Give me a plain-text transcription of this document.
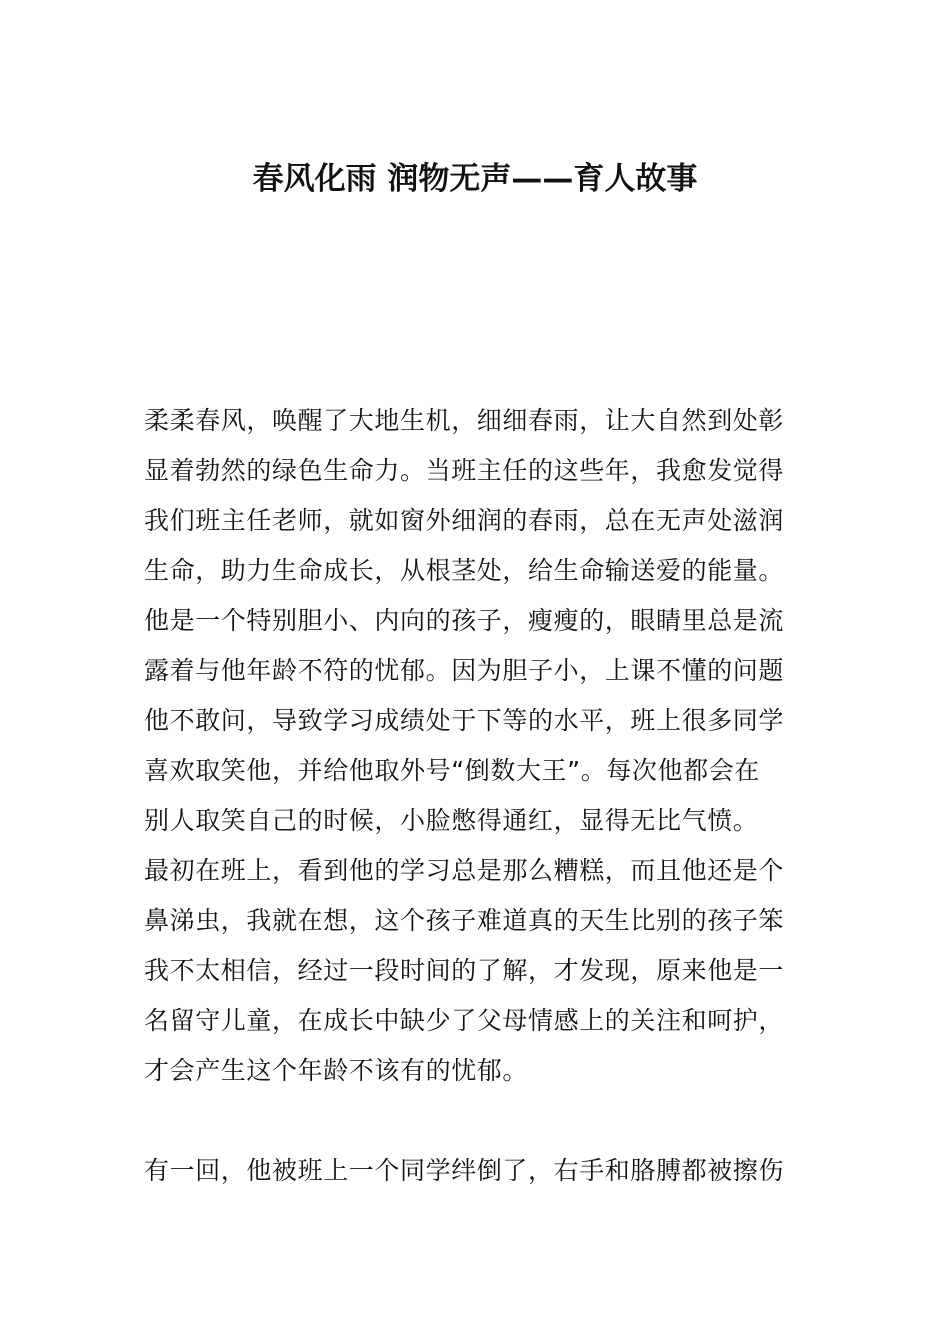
春风化雨 润物无声——育人故事
柔柔春风，唤醒了大地生机，细细春雨，让大自然到处彰
显着勃然的绿色生命力。当班主任的这些年，我愈发觉得
我们班主任老师，就如窗外细润的春雨，总在无声处滋润
生命，助力生命成长，从根茎处，给生命输送爱的能量。
他是一个特别胆小、内向的孩子，瘦瘦的，眼睛里总是流
露着与他年龄不符的忧郁。因为胆子小，上课不懂的问题
他不敢问，导致学习成绩处于下等的水平，班上很多同学
喜欢取笑他，并给他取外号“倒数大王”。每次他都会在
别人取笑自己的时候，小脸憋得通红，显得无比气愤。
最初在班上，看到他的学习总是那么糟糕，而且他还是个
鼻涕虫，我就在想，这个孩子难道真的天生比别的孩子笨
我不太相信，经过一段时间的了解，才发现，原来他是一
名留守儿童，在成长中缺少了父母情感上的关注和呵护，
才会产生这个年龄不该有的忧郁。
有一回，他被班上一个同学绊倒了，右手和胳膊都被擦伤
